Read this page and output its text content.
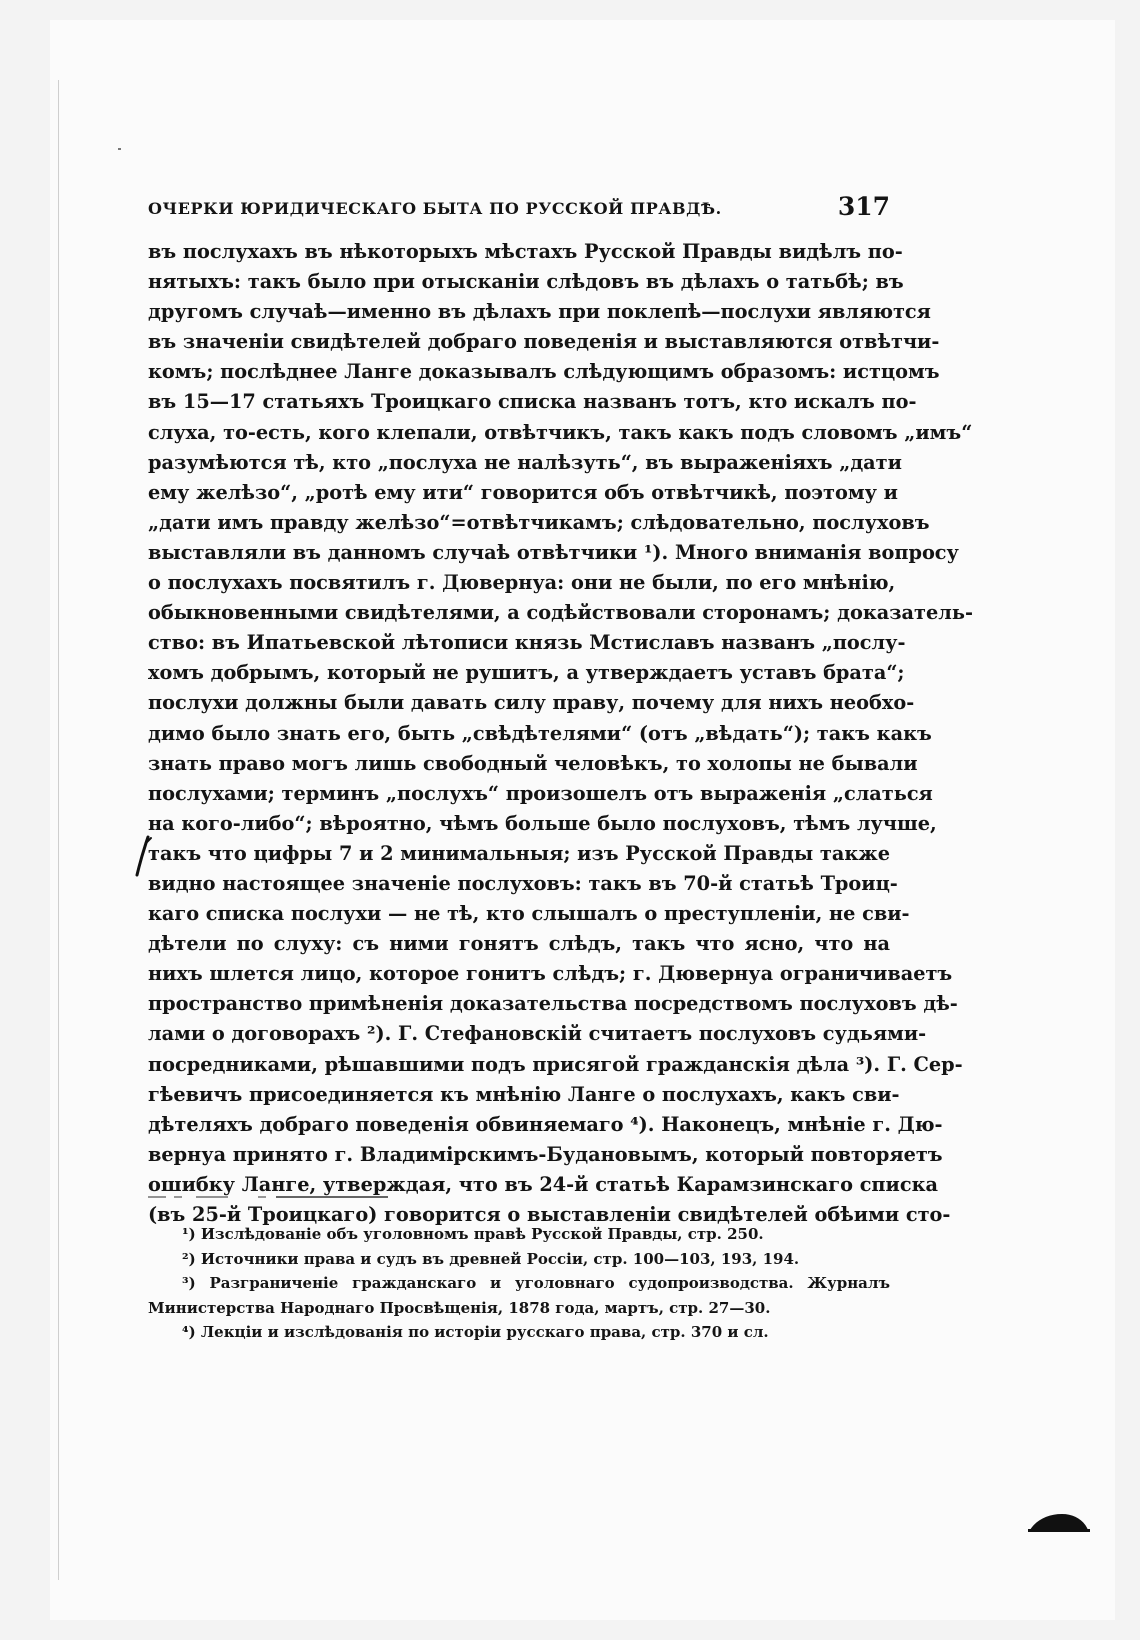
ОЧЕРКИ ЮРИДИЧЕСКАГО БЫТА ПО РУССКОЙ ПРАВДѢ.	317
въ послухахъ въ нѣкоторыхъ мѣстахъ Русской Правды видѣлъ по-
нятыхъ: такъ было при отысканіи слѣдовъ въ дѣлахъ о татьбѣ; въ
другомъ случаѣ—именно въ дѣлахъ при поклепѣ—послухи являются
въ значеніи свидѣтелей добраго поведенія и выставляются отвѣтчи-
комъ; послѣднее Ланге доказывалъ слѣдующимъ образомъ: истцомъ
въ 15—17 статьяхъ Троицкаго списка названъ тотъ, кто искалъ по-
слуха, то-есть, кого клепали, отвѣтчикъ, такъ какъ подъ словомъ „имъ“
разумѣются тѣ, кто „послуха не налѣзуть“, въ выраженіяхъ „дати
ему желѣзо“, „ротѣ ему ити“ говорится объ отвѣтчикѣ, поэтому и
„дати имъ правду желѣзо“=отвѣтчикамъ; слѣдовательно, послуховъ
выставляли въ данномъ случаѣ отвѣтчики ¹). Много вниманія вопросу
о послухахъ посвятилъ г. Дювернуа: они не были, по его мнѣнію,
обыкновенными свидѣтелями, а содѣйствовали сторонамъ; доказатель-
ство: въ Ипатьевской лѣтописи князь Мстиславъ названъ „послу-
хомъ добрымъ, который не рушитъ, а утверждаетъ уставъ брата“;
послухи должны были давать силу праву, почему для нихъ необхо-
димо было знать его, быть „свѣдѣтелями“ (отъ „вѣдать“); такъ какъ
знать право могъ лишь свободный человѣкъ, то холопы не бывали
послухами; терминъ „послухъ“ произошелъ отъ выраженія „слаться
на кого-либо“; вѣроятно, чѣмъ больше было послуховъ, тѣмъ лучше,
такъ что цифры 7 и 2 минимальныя; изъ Русской Правды также
видно настоящее значеніе послуховъ: такъ въ 70-й статьѣ Троиц-
каго списка послухи — не тѣ, кто слышалъ о преступленіи, не сви-
дѣтели по слуху: съ ними гонятъ слѣдъ, такъ что ясно, что на
нихъ шлется лицо, которое гонитъ слѣдъ; г. Дювернуа ограничиваетъ
пространство примѣненія доказательства посредствомъ послуховъ дѣ-
лами о договорахъ ²). Г. Стефановскій считаетъ послуховъ судьями-
посредниками, рѣшавшими подъ присягой гражданскія дѣла ³). Г. Сер-
гѣевичъ присоединяется къ мнѣнію Ланге о послухахъ, какъ сви-
дѣтеляхъ добраго поведенія обвиняемаго ⁴). Наконецъ, мнѣніе г. Дю-
вернуа принято г. Владимірскимъ-Будановымъ, который повторяетъ
ошибку Ланге, утверждая, что въ 24-й статьѣ Карамзинскаго списка
(въ 25-й Троицкаго) говорится о выставленіи свидѣтелей обѣими сто-
¹) Изслѣдованіе объ уголовномъ правѣ Русской Правды, стр. 250.
²) Источники права и судъ въ древней Россіи, стр. 100—103, 193, 194.
³) Разграниченіе гражданскаго и уголовнаго судопроизводства. Журналъ
Министерства Народнаго Просвѣщенія, 1878 года, мартъ, стр. 27—30.
⁴) Лекціи и изслѣдованія по исторіи русскаго права, стр. 370 и сл.
